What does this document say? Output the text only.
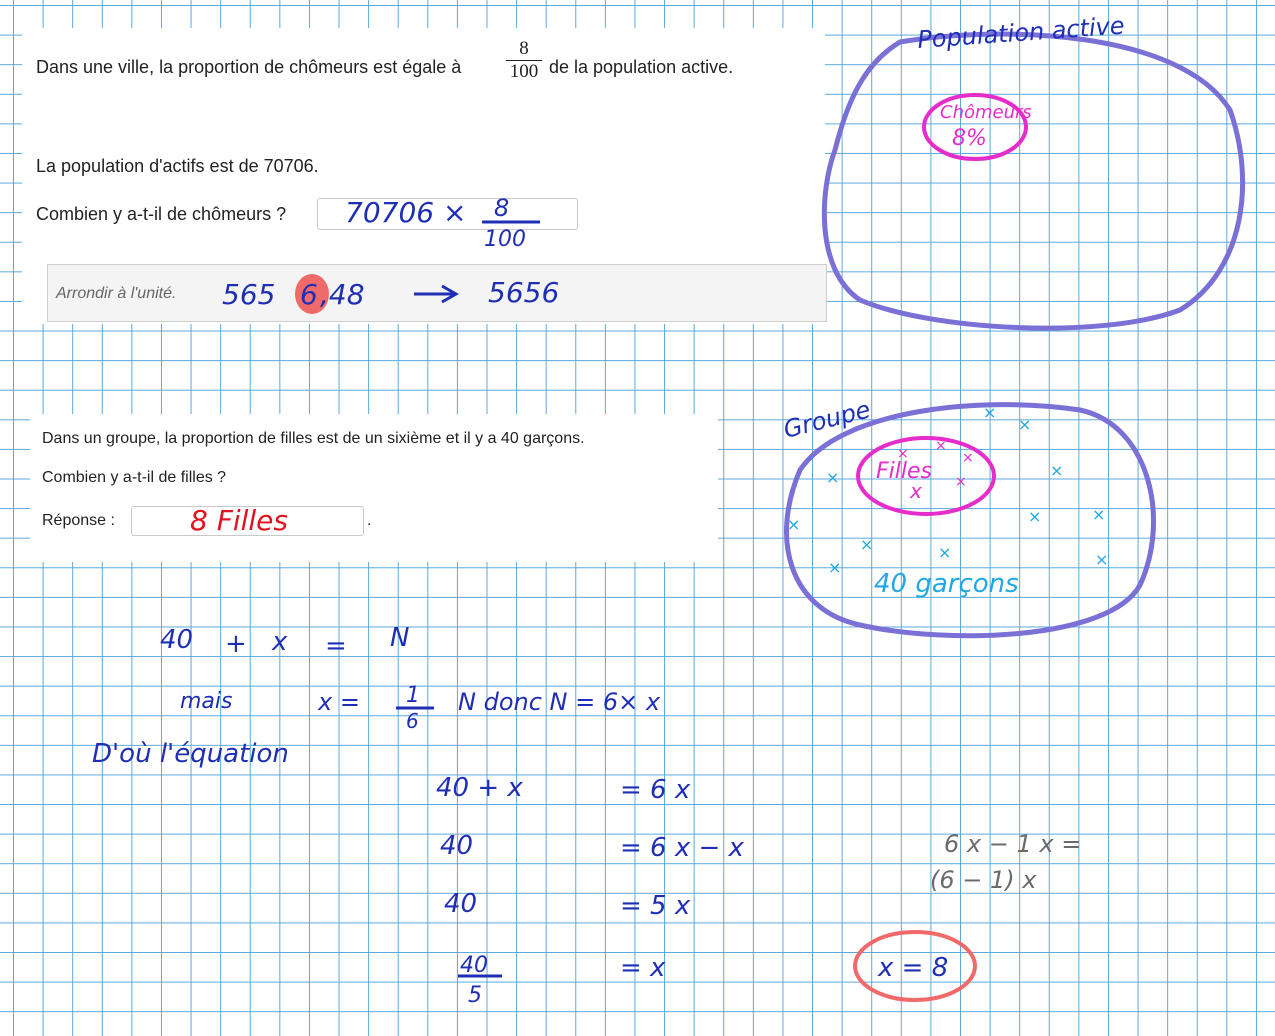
Dans une ville, la proportion de chômeurs est égale à
8
100 de la population active.
La population d'actifs est de 70706.
Combien y a-t-il de chômeurs ?
Arrondir à l'unité.
Dans un groupe, la proportion de filles est de un sixième et il y a 40 garçons.
Combien y a-t-il de filles ?
Réponse :	.
Population active
Chômeurs
8%
Groupe
Filles
x
× ×
×
×
×
×
×	×
×	×
×
×	×	×
×
40 garçons
70706 × 8
100
565 6 ,48	5656
8 Filles
40 + x = N
mais	x = 1
6
N donc N = 6× x
D'où l'équation
40 + x	= 6 x
40	= 6 x − x
40	= 5 x
40
5
= x
6 x − 1 x =
(6 − 1) x
x = 8
